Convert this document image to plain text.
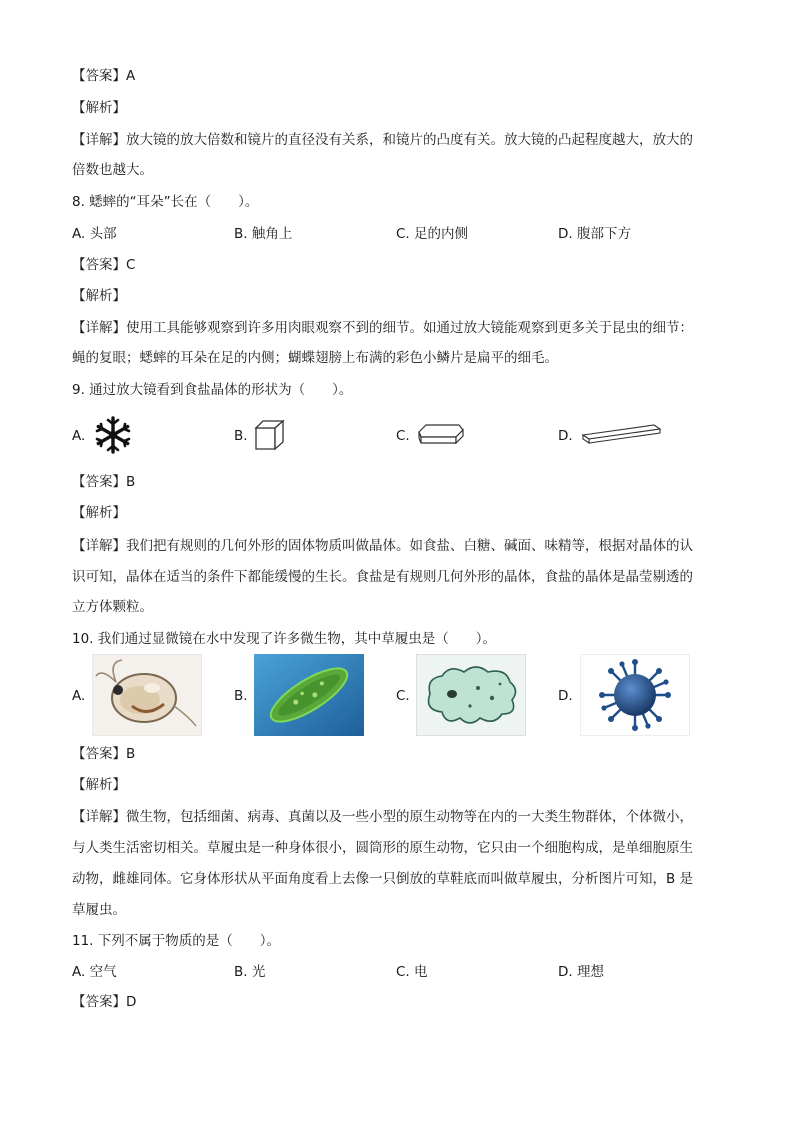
【答案】A
【解析】
【详解】放大镜的放大倍数和镜片的直径没有关系，和镜片的凸度有关。放大镜的凸起程度越大，放大的
倍数也越大。
8. 蟋蟀的“耳朵”长在（　　）。
A. 头部	B. 触角上	C. 足的内侧	D. 腹部下方
【答案】C
【解析】
【详解】使用工具能够观察到许多用肉眼观察不到的细节。如通过放大镜能观察到更多关于昆虫的细节：
蝇的复眼；蟋蟀的耳朵在足的内侧；蝴蝶翅膀上布满的彩色小鳞片是扁平的细毛。
9. 通过放大镜看到食盐晶体的形状为（　　）。
A.	B.	C.	D.
【答案】B
【解析】
【详解】我们把有规则的几何外形的固体物质叫做晶体。如食盐、白糖、碱面、味精等，根据对晶体的认
识可知，晶体在适当的条件下都能缓慢的生长。食盐是有规则几何外形的晶体，食盐的晶体是晶莹剔透的
立方体颗粒。
10. 我们通过显微镜在水中发现了许多微生物，其中草履虫是（　　）。
A.	B.	C.	D.
【答案】B
【解析】
【详解】微生物，包括细菌、病毒、真菌以及一些小型的原生动物等在内的一大类生物群体，个体微小，
与人类生活密切相关。草履虫是一种身体很小，圆筒形的原生动物，它只由一个细胞构成，是单细胞原生
动物，雌雄同体。它身体形状从平面角度看上去像一只倒放的草鞋底而叫做草履虫，分析图片可知，B 是
草履虫。
11. 下列不属于物质的是（　　）。
A. 空气	B. 光	C. 电	D. 理想
【答案】D
